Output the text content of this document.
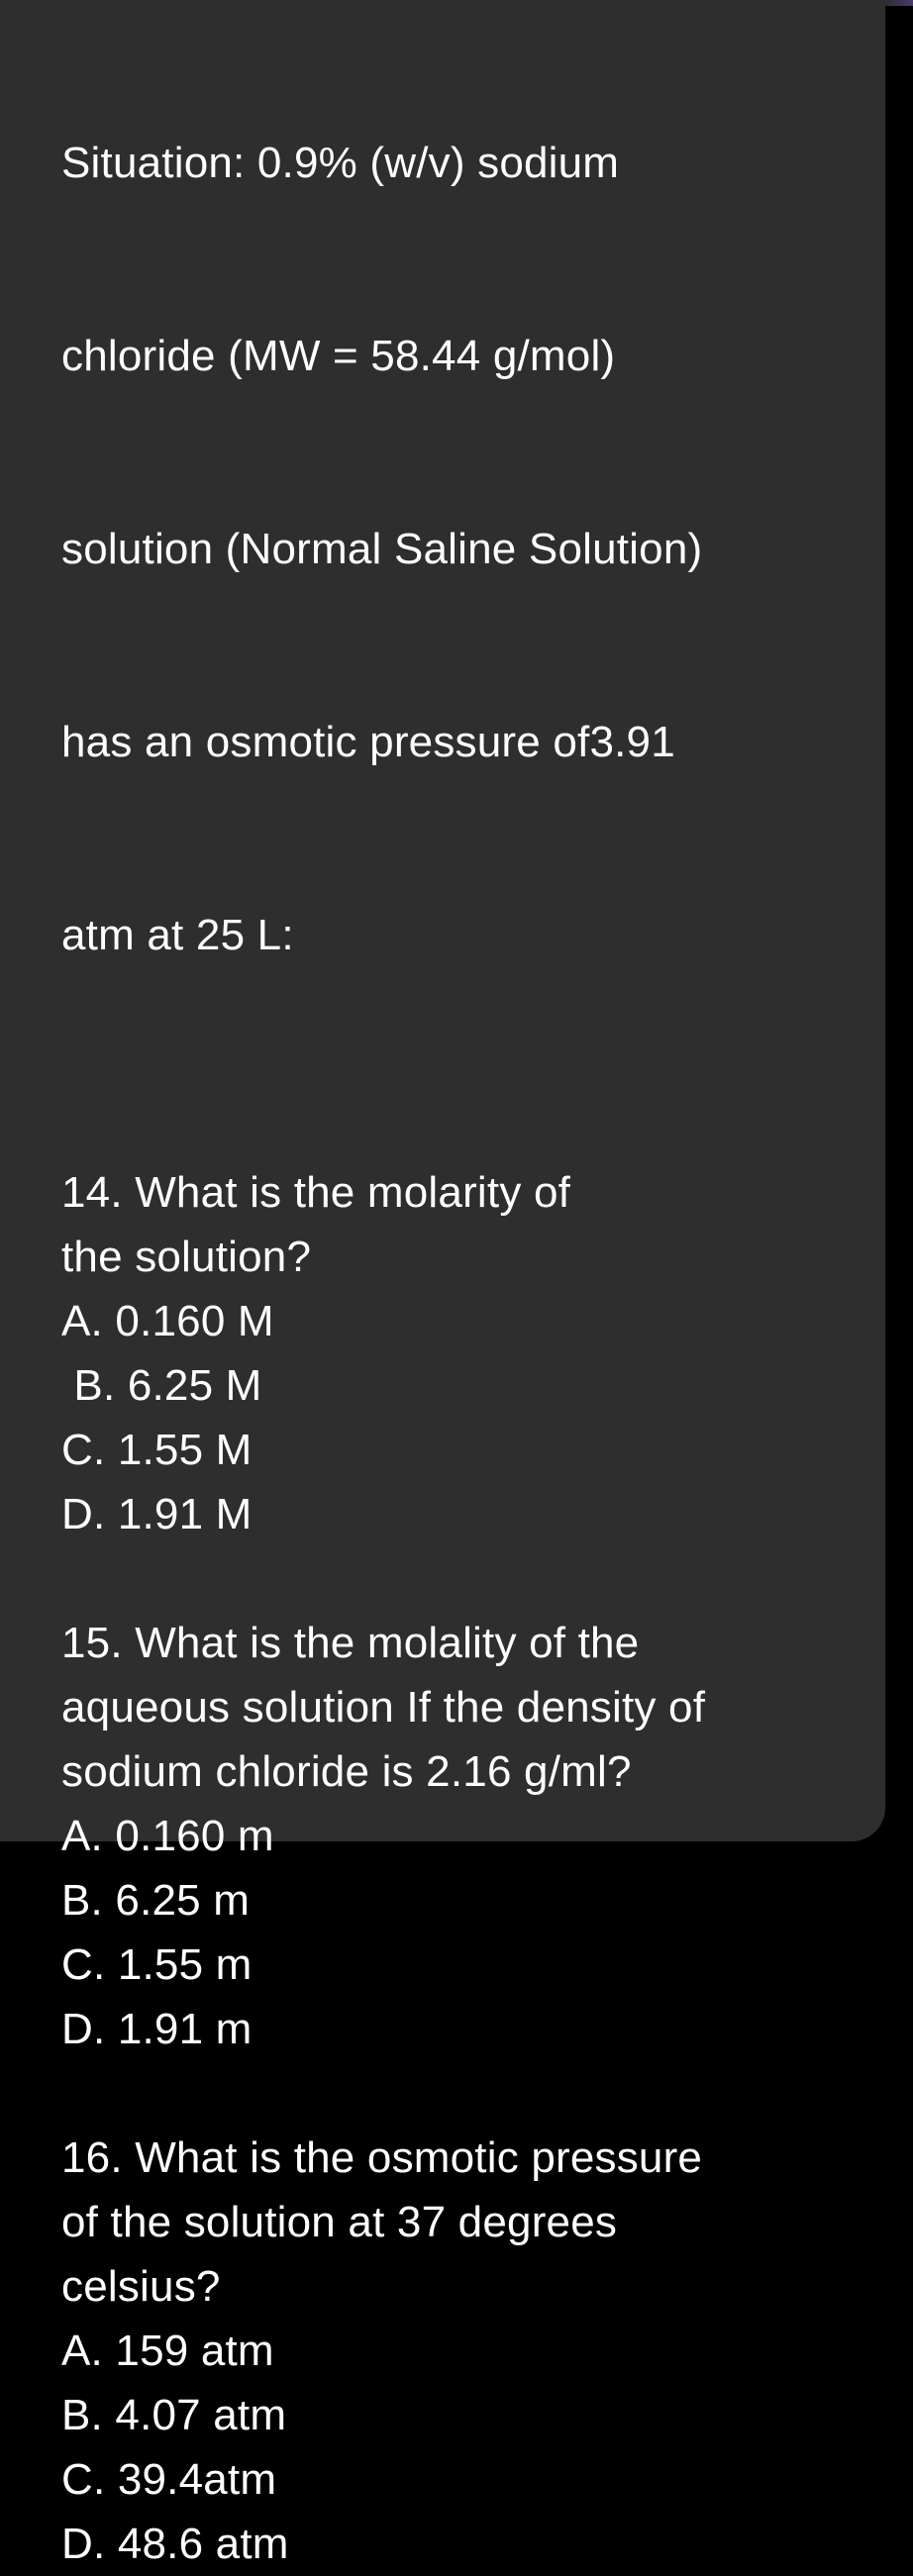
Situation: 0.9% (w/v) sodium

chloride (MW = 58.44 g/mol)

solution (Normal Saline Solution)

has an osmotic pressure of3.91

atm at 25 L:

14. What is the molarity of
the solution?
A. 0.160 M
B. 6.25 M
C. 1.55 M
D. 1.91 M
15. What is the molality of the
aqueous solution If the density of
sodium chloride is 2.16 g/ml?
A. 0.160 m
B. 6.25 m
C. 1.55 m
D. 1.91 m
16. What is the osmotic pressure
of the solution at 37 degrees
celsius?
A. 159 atm
B. 4.07 atm
C. 39.4atm
D. 48.6 atm
